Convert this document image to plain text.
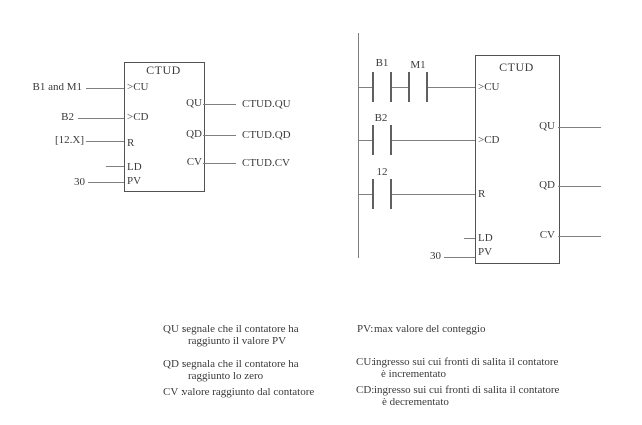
CTUD
>CU
>CD
R
LD
PV
B1 and M1
B2
[12.X]
30
QU
QD
CV
CTUD.QU
CTUD.QD
CTUD.CV
CTUD
B1	M1
>CU
B2
>CD
12
R
LD
30	PV
QU
QD
CV
QU :
segnale che il contatore ha
raggiunto il valore PV
QD :
segnala che il contatore ha
raggiunto lo zero
CV :
valore raggiunto dal contatore
PV: max valore del conteggio
CU:
ingresso sui cui fronti di salita il contatore
è incrementato
CD: ingresso sui cui fronti di salita il contatore
è decrementato
